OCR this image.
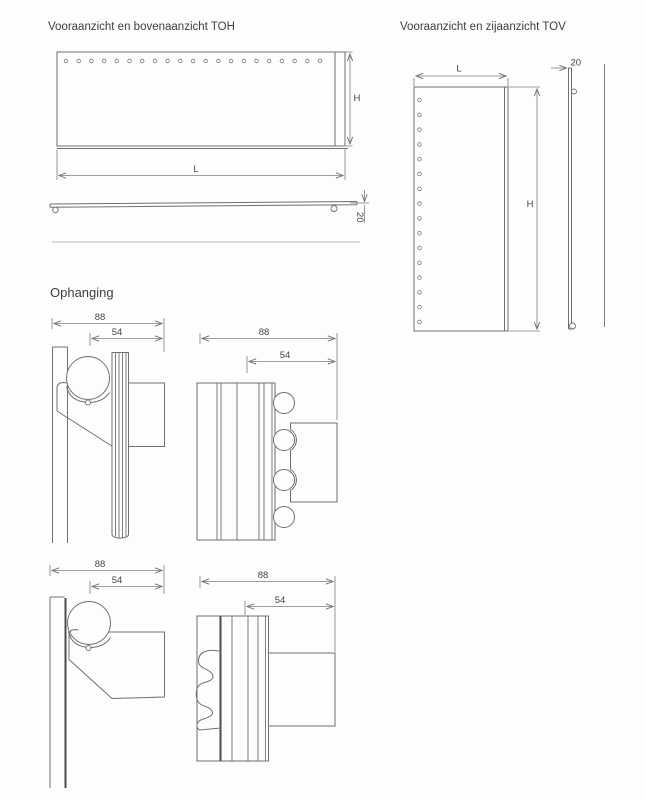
Vooraanzicht en bovenaanzicht TOH
H
L
20
Vooraanzicht en zijaanzicht TOV
L
H
20
Ophanging
88
54	88
54
88
54	88
54
